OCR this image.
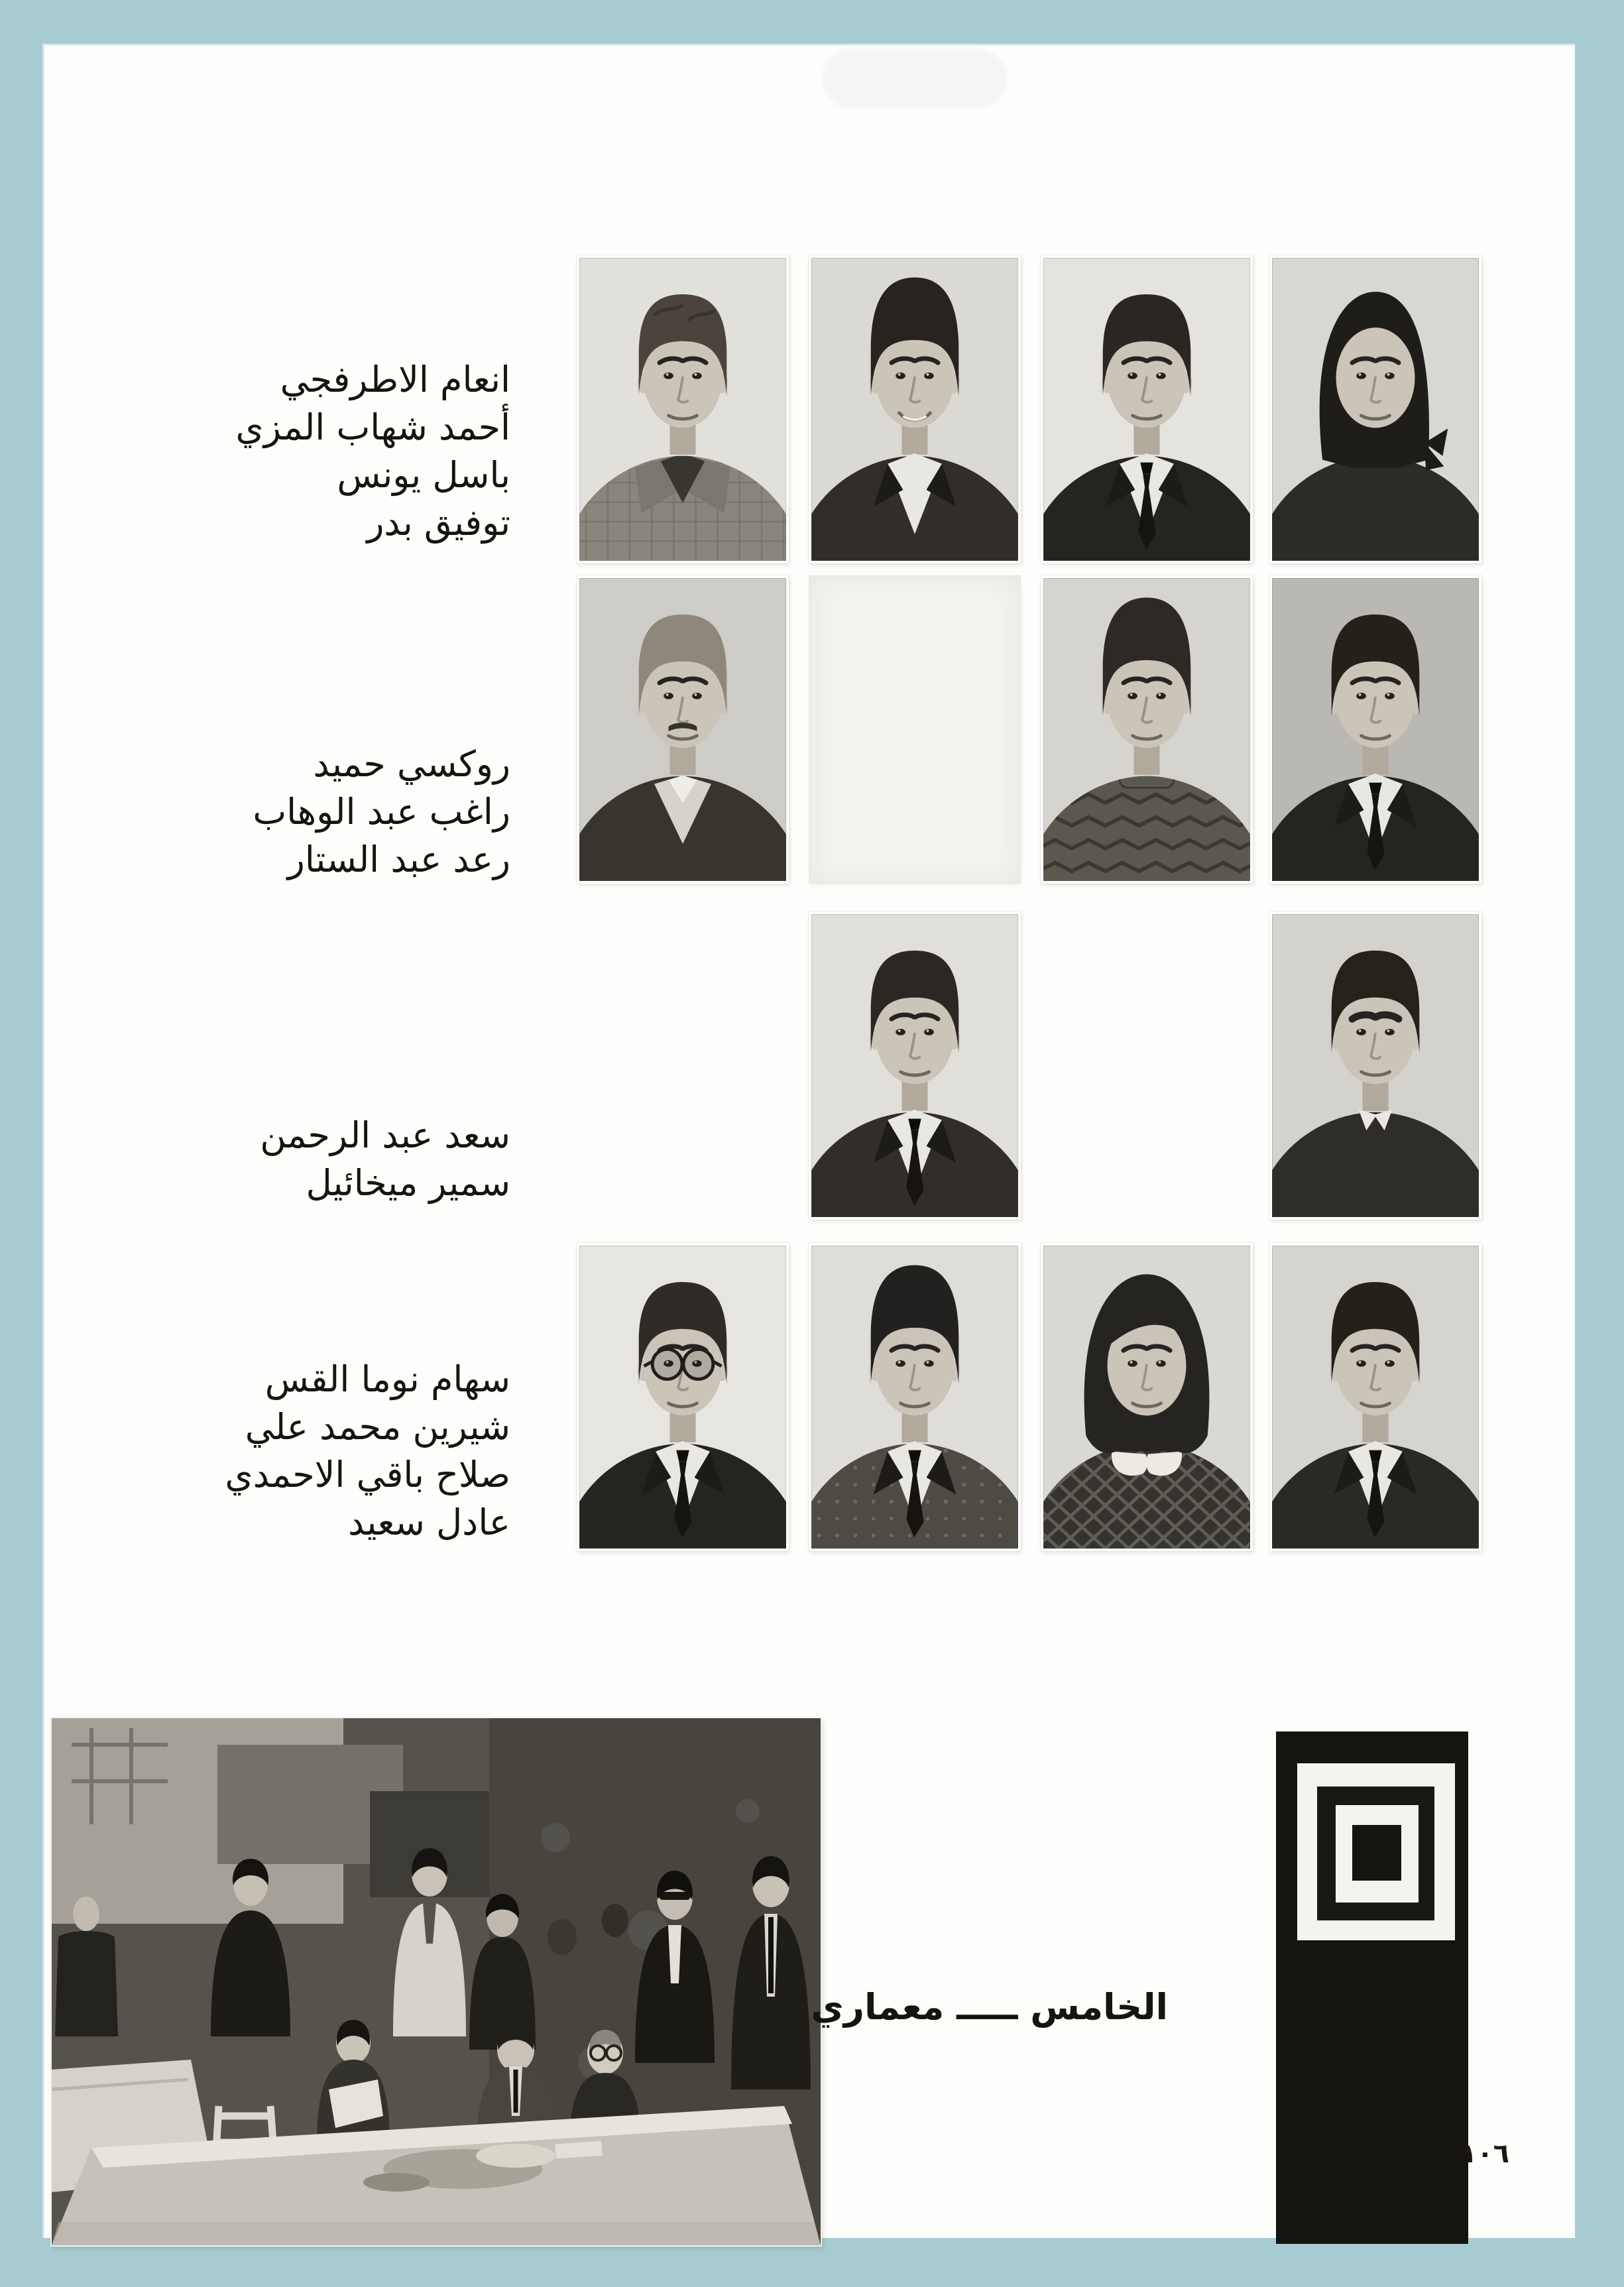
انعام الاطرفجي
أحمد شهاب المزي
باسل يونس
توفيق بدر
روكسي حميد
راغب عبد الوهاب
رعد عبد الستار
سعد عبد الرحمن
سمير ميخائيل
سهام نوما القس
شيرين محمد علي
صلاح باقي الاحمدي
عادل سعيد
الخامس ـــــ معماري
١٠٦
